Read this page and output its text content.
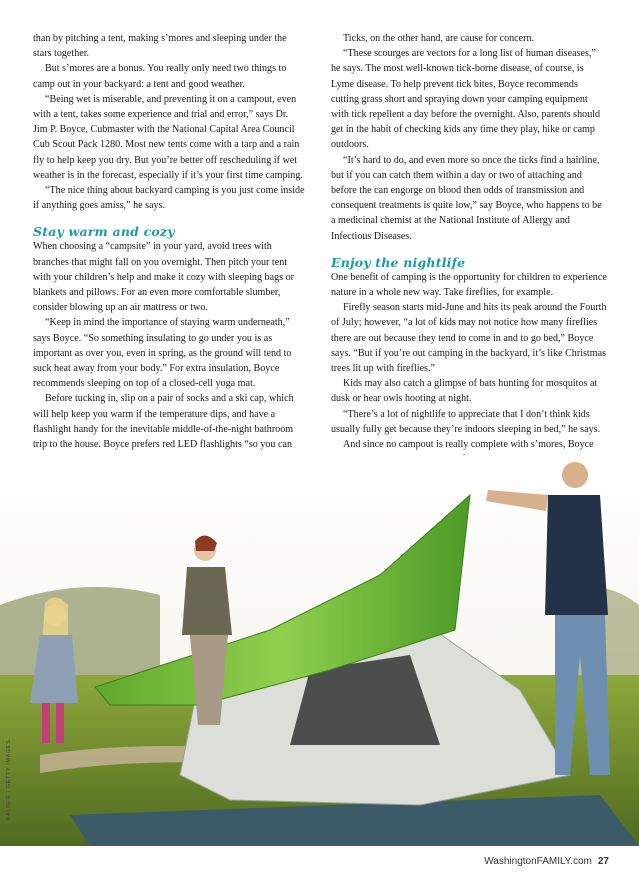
than by pitching a tent, making s’mores and sleeping under the stars together.

But s’mores are a bonus. You really only need two things to camp out in your backyard: a tent and good weather.

“Being wet is miserable, and preventing it on a campout, even with a tent, takes some experience and trial and error,” says Dr. Jim P. Boyce, Cubmaster with the National Capital Area Council Cub Scout Pack 1280. Most new tents come with a tarp and a rain fly to help keep you dry. But you’re better off rescheduling if wet weather is in the forecast, especially if it’s your first time camping.

“The nice thing about backyard camping is you just come inside if anything goes amiss,” he says.

Stay warm and cozy

When choosing a “campsite” in your yard, avoid trees with branches that might fall on you overnight. Then pitch your tent with your children’s help and make it cozy with sleeping bags or blankets and pillows. For an even more comfortable slumber, consider blowing up an air mattress or two.

“Keep in mind the importance of staying warm underneath,” says Boyce. “So something insulating to go under you is as important as over you, even in spring, as the ground will tend to suck heat away from your body.” For extra insulation, Boyce recommends sleeping on top of a closed-cell yoga mat.

Before tucking in, slip on a pair of socks and a ski cap, which will help keep you warm if the temperature dips, and have a flashlight handy for the inevitable middle-of-the-night bathroom trip to the house. Boyce prefers red LED flashlights “so you can

Ticks, on the other hand, are cause for concern.

“These scourges are vectors for a long list of human diseases,” he says. The most well-known tick-borne disease, of course, is Lyme disease. To help prevent tick bites, Boyce recommends cutting grass short and spraying down your camping equipment with tick repellent a day before the overnight. Also, parents should get in the habit of checking kids any time they play, hike or camp outdoors.

“It’s hard to do, and even more so once the ticks find a hairline, but if you can catch them within a day or two of attaching and before the can engorge on blood then odds of transmission and consequent treatments is quite low,” say Boyce, who happens to be a medicinal chemist at the National Institute of Allergy and Infectious Diseases.

Enjoy the nightlife

One benefit of camping is the opportunity for children to experience nature in a whole new way. Take fireflies, for example.

Firefly season starts mid-June and hits its peak around the Fourth of July; however, “a lot of kids may not notice how many fireflies there are out because they tend to come in and to go bed,” Boyce says. “But if you’re out camping in the backyard, it’s like Christmas trees lit up with fireflies.”

Kids may also catch a glimpse of bats hunting for mosquitos at dusk or hear owls hooting at night.

“There’s a lot of nightlife to appreciate that I don’t think kids usually fully get because they’re indoors sleeping in bed,” he says.

And since no campout is really complete with s’mores, Boyce

KALIGIE / GETTY IMAGES.
WashingtonFAMILY.com 27
